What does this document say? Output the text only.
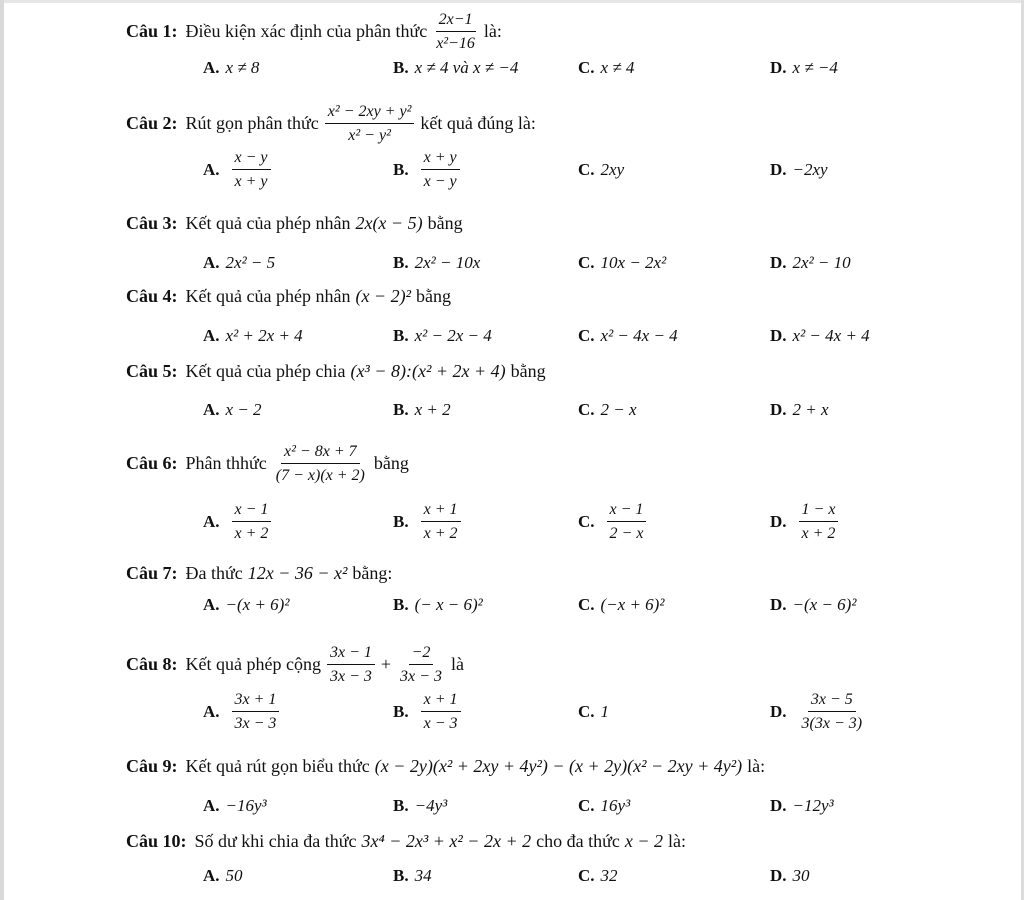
Câu 1: Điều kiện xác định của phân thức $\frac{2x-1}{\text{x²−16}}$ là:
A. x ≠ 8	B. x ≠ 4 và x ≠ −4	C. x ≠ 4	D. x ≠ −4
Câu 2: Rút gọn phân thức $\frac{\text{x² − 2xy + y²}}{\text{x² − y²}}$ kết quả đúng là:
A. $\frac{x - y}{x + y}$	B. $\frac{x + y}{x - y}$	C. 2xy	D. −2xy
Câu 3: Kết quả của phép nhân 2x(x − 5) bằng
A. 2x² − 5	B. 2x² − 10x	C. 10x − 2x²	D. 2x² − 10
Câu 4: Kết quả của phép nhân (x − 2)² bằng
A. x² + 2x + 4	B. x² − 2x − 4	C. x² − 4x − 4	D. x² − 4x + 4
Câu 5: Kết quả của phép chia (x³ − 8):(x² + 2x + 4) bằng
A. x − 2	B. x + 2	C. 2 − x	D. 2 + x
Câu 6: Phân thhức $\frac{\text{x² − 8x + 7}}{(7 - x)(x + 2)}$ bằng
A. $\frac{x - 1}{x + 2}$	B. $\frac{x + 1}{x + 2}$	C. $\frac{x - 1}{2 - x}$	D. $\frac{1 - x}{x + 2}$
Câu 7: Đa thức 12x − 36 − x² bằng:
A. −(x + 6)²	B. (− x − 6)²	C. (−x + 6)²	D. −(x − 6)²
Câu 8: Kết quả phép cộng $\frac{3x - 1}{3x - 3} + \frac{-2}{3x - 3}$ là
A. $\frac{3x + 1}{3x - 3}$	B. $\frac{x + 1}{x - 3}$	C. 1	D. $\frac{3x - 5}{3(3x - 3)}$
Câu 9: Kết quả rút gọn biểu thức (x − 2y)(x² + 2xy + 4y²) − (x + 2y)(x² − 2xy + 4y²) là:
A. −16y³	B. −4y³	C. 16y³	D. −12y³
Câu 10: Số dư khi chia đa thức 3x⁴ − 2x³ + x² − 2x + 2 cho đa thức x − 2 là:
A. 50	B. 34	C. 32	D. 30
